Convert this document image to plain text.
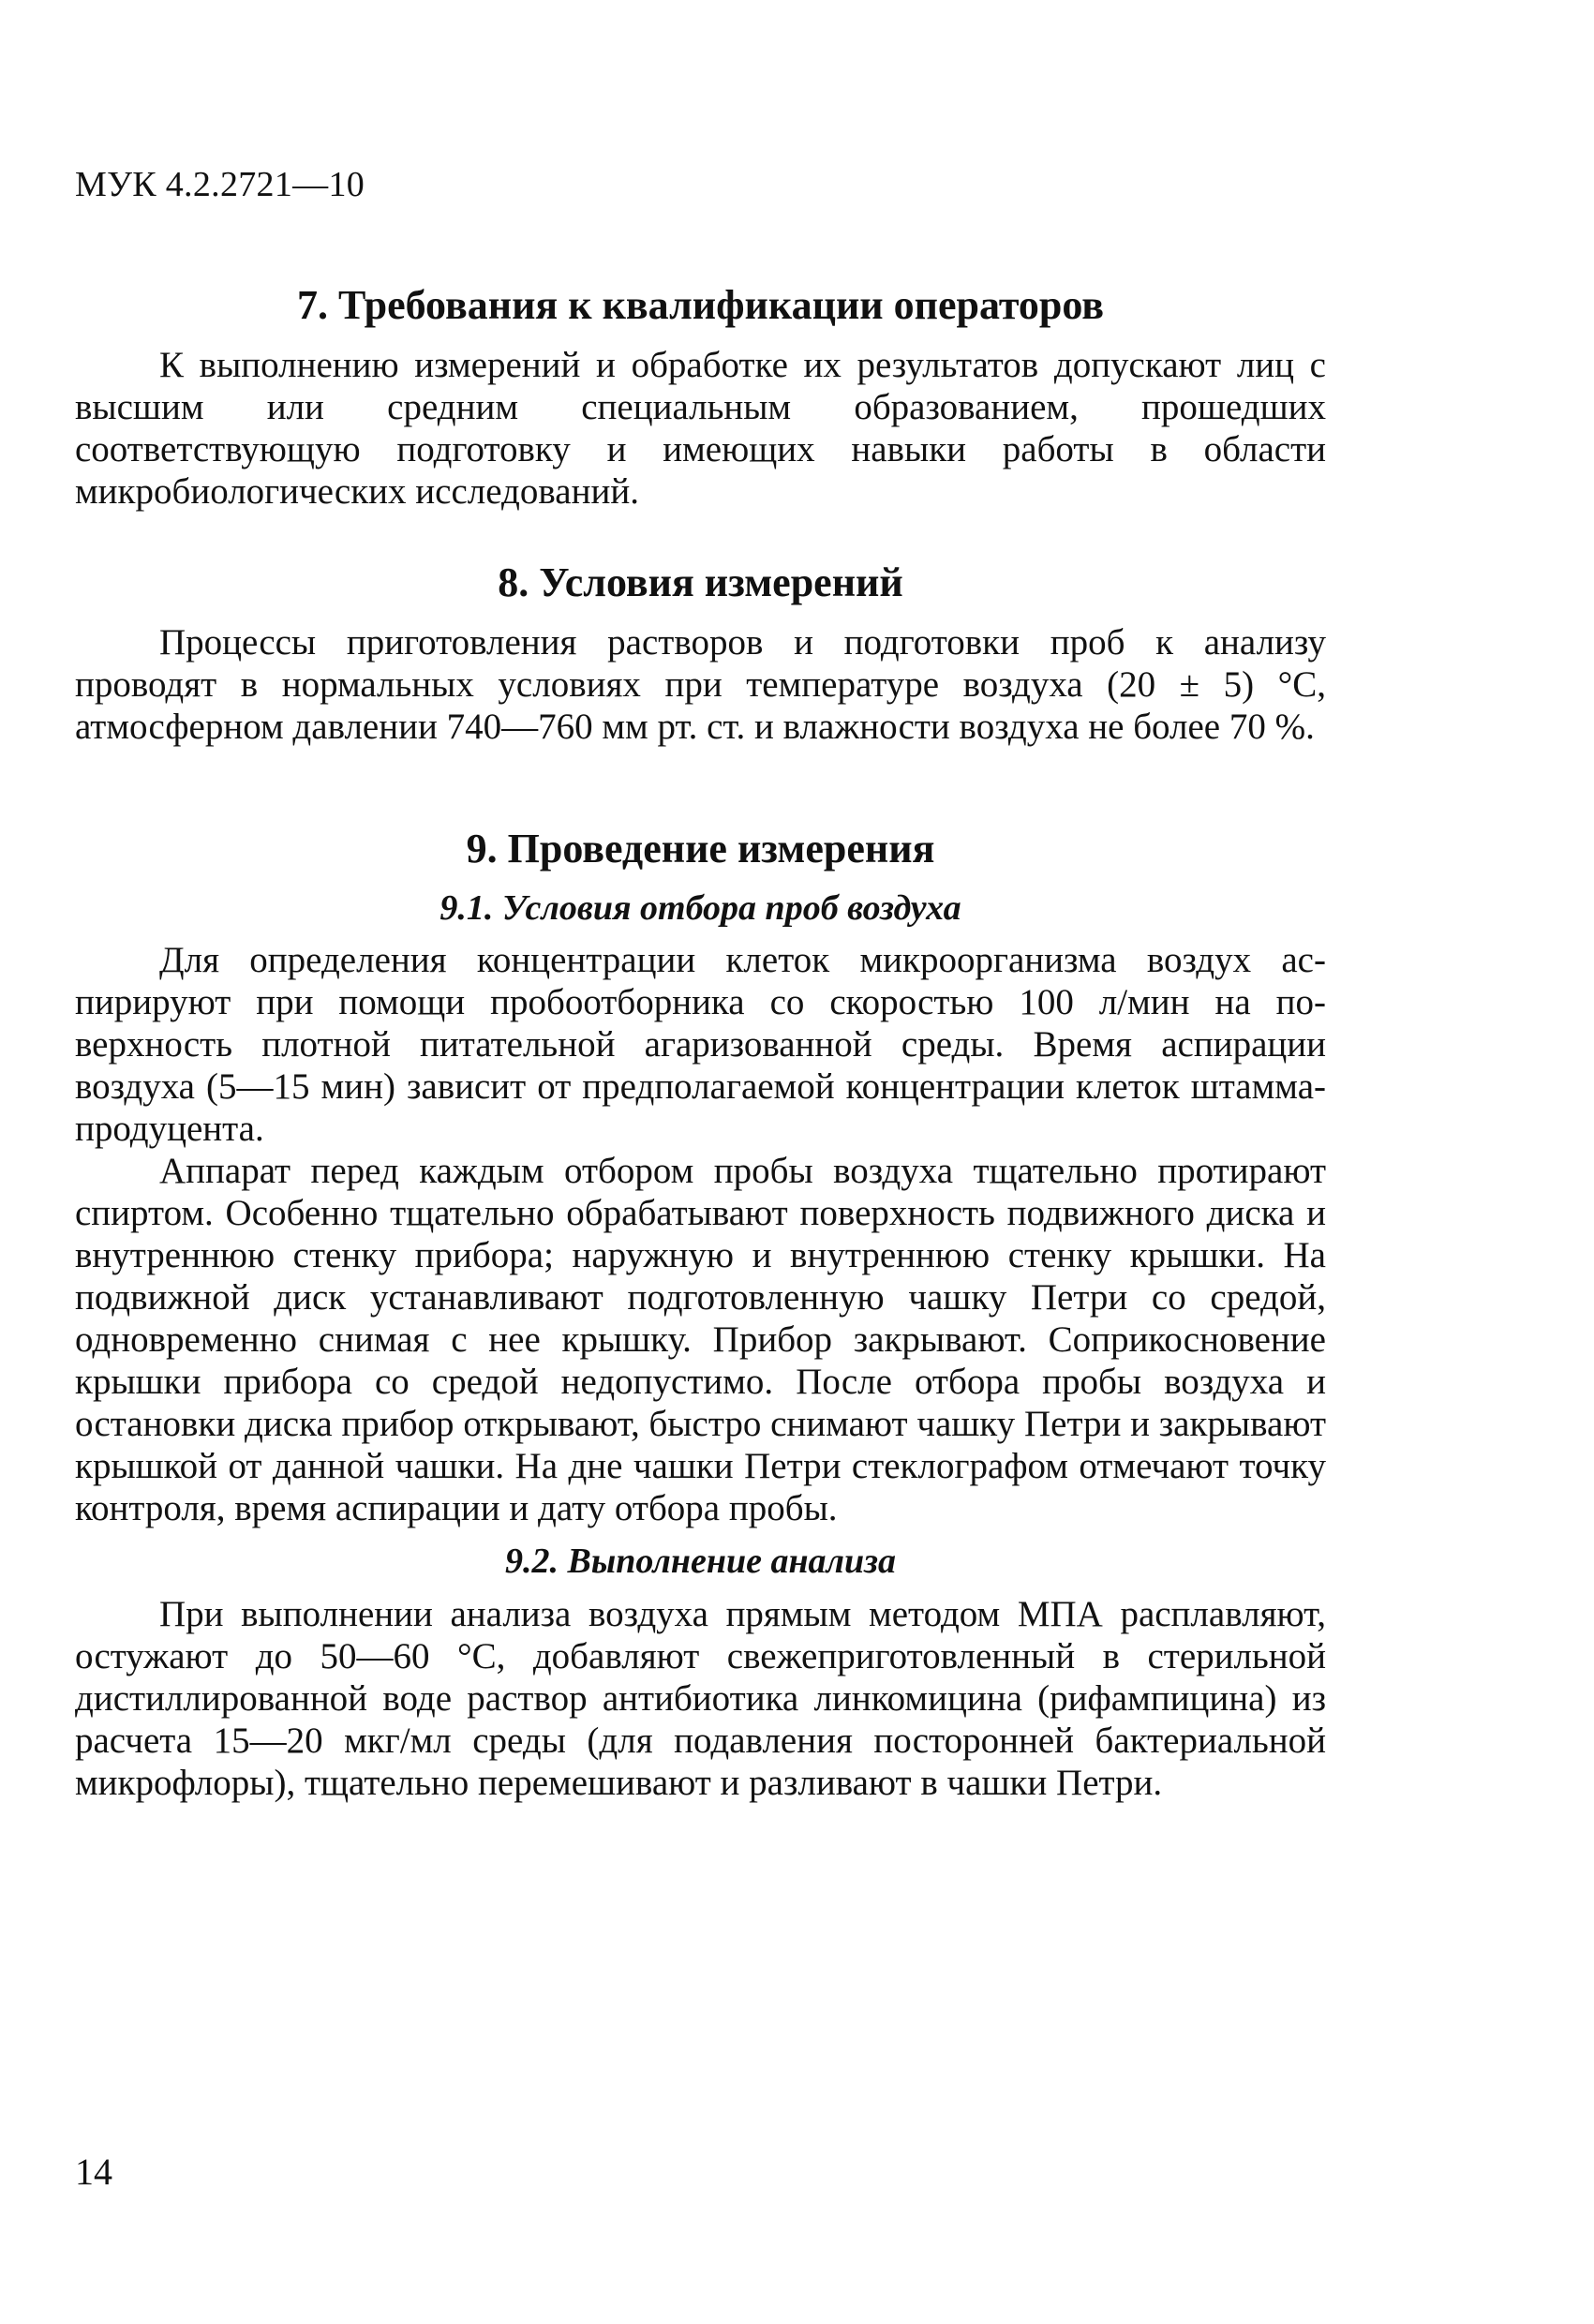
МУК 4.2.2721—10
7. Требования к квалификации операторов

К выполнению измерений и обработке их результатов допускают лиц с высшим или средним специальным образованием, прошедших соответствующую подготовку и имеющих навыки работы в области микробиологических исследований.

8. Условия измерений

Процессы приготовления растворов и подготовки проб к анализу проводят в нормальных условиях при температуре воздуха (20 ± 5) °С, атмосферном давлении 740—760 мм рт. ст. и влажности воздуха не более 70 %.

9. Проведение измерения
9.1. Условия отбора проб воздуха

Для определения концентрации клеток микроорганизма воздух аспирируют при помощи пробоотборника со скоростью 100 л/мин на поверхность плотной питательной агаризованной среды. Время аспирации воздуха (5—15 мин) зависит от предполагаемой концентрации клеток штамма-продуцента.

Аппарат перед каждым отбором пробы воздуха тщательно протирают спиртом. Особенно тщательно обрабатывают поверхность подвижного диска и внутреннюю стенку прибора; наружную и внутреннюю стенку крышки. На подвижной диск устанавливают подготовленную чашку Петри со средой, одновременно снимая с нее крышку. Прибор закрывают. Соприкосновение крышки прибора со средой недопустимо. После отбора пробы воздуха и остановки диска прибор открывают, быстро снимают чашку Петри и закрывают крышкой от данной чашки. На дне чашки Петри стеклографом отмечают точку контроля, время аспирации и дату отбора пробы.

9.2. Выполнение анализа

При выполнении анализа воздуха прямым методом МПА расплавляют, остужают до 50—60 °С, добавляют свежеприготовленный в стерильной дистиллированной воде раствор антибиотика линкомицина (рифампицина) из расчета 15—20 мкг/мл среды (для подавления посторонней бактериальной микрофлоры), тщательно перемешивают и разливают в чашки Петри.

14
